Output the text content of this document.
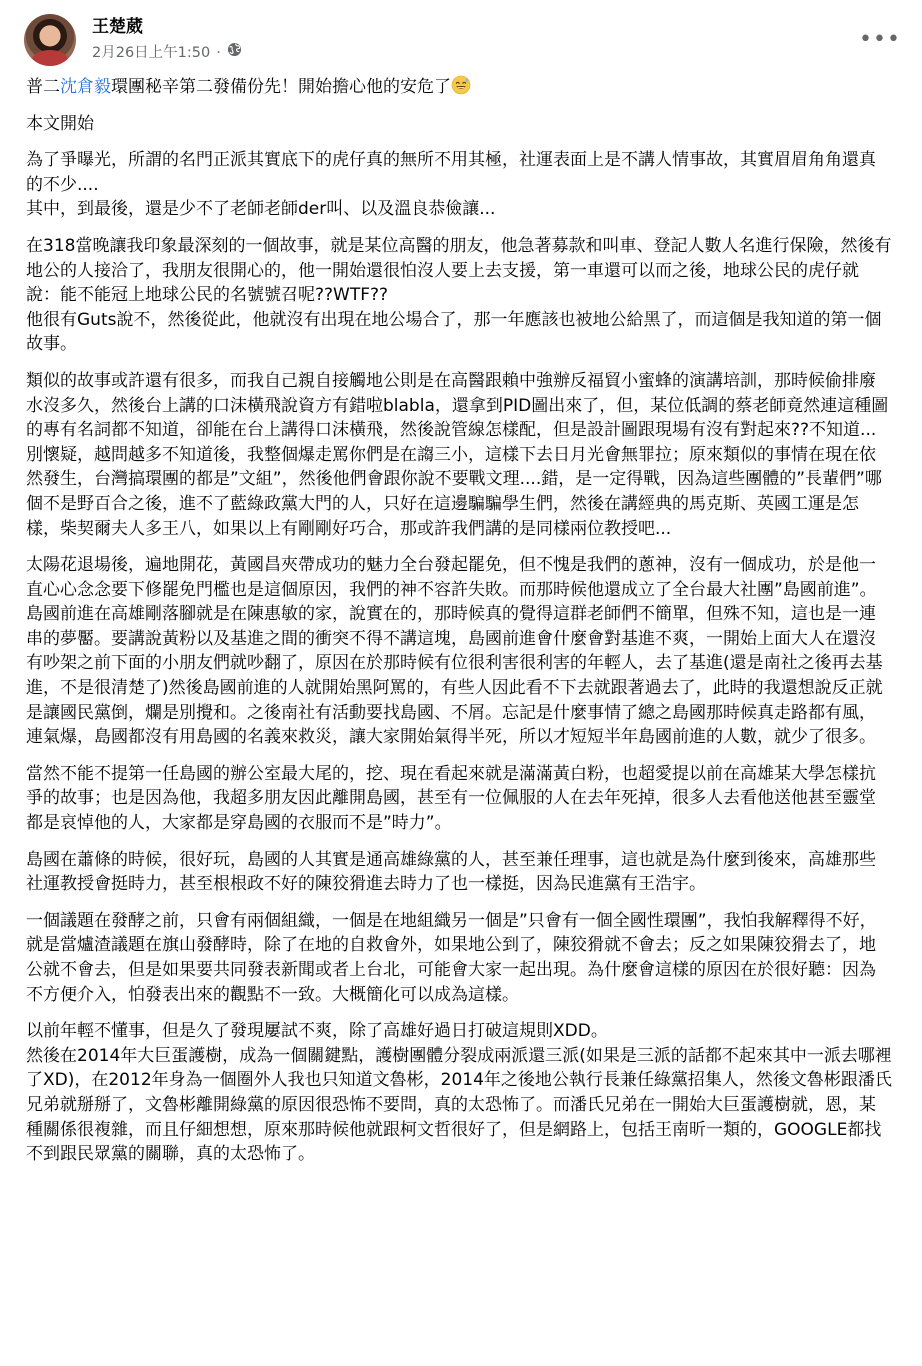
王楚葳
2月26日上午1:50 ·
•••

普二沈倉毅環團秘辛第二發備份先！開始擔心他的安危了

本文開始

為了爭曝光，所謂的名門正派其實底下的虎仔真的無所不用其極，社運表面上是不講人情事故，其實眉眉角角還真的不少....
其中，到最後，還是少不了老師老師der叫、以及溫良恭儉讓...

在318當晚讓我印象最深刻的一個故事，就是某位高醫的朋友，他急著募款和叫車、登記人數人名進行保險，然後有地公的人接洽了，我朋友很開心的，他一開始還很怕沒人要上去支援，第一車還可以而之後，地球公民的虎仔就說：能不能冠上地球公民的名號號召呢??WTF??
他很有Guts說不，然後從此，他就沒有出現在地公場合了，那一年應該也被地公給黑了，而這個是我知道的第一個故事。

類似的故事或許還有很多，而我自己親自接觸地公則是在高醫跟賴中強辦反福貿小蜜蜂的演講培訓，那時候偷排廢水沒多久，然後台上講的口沫橫飛說資方有錯啦blabla，還拿到PID圖出來了，但，某位低調的蔡老師竟然連這種圖的專有名詞都不知道，卻能在台上講得口沫橫飛，然後說管線怎樣配，但是設計圖跟現場有沒有對起來??不知道...別懷疑，越問越多不知道後，我整個爆走罵你們是在謅三小，這樣下去日月光會無罪拉；原來類似的事情在現在依然發生，台灣搞環團的都是”文組”，然後他們會跟你說不要戰文理....錯，是一定得戰，因為這些團體的”長輩們”哪個不是野百合之後，進不了藍綠政黨大門的人，只好在這邊騙騙學生們，然後在講經典的馬克斯、英國工運是怎樣，柴契爾夫人多王八，如果以上有剛剛好巧合，那或許我們講的是同樣兩位教授吧...

太陽花退場後，遍地開花，黃國昌夾帶成功的魅力全台發起罷免，但不愧是我們的蔥神，沒有一個成功，於是他一直心心念念要下修罷免門檻也是這個原因，我們的神不容許失敗。而那時候他還成立了全台最大社團”島國前進”。
島國前進在高雄剛落腳就是在陳惠敏的家，說實在的，那時候真的覺得這群老師們不簡單，但殊不知，這也是一連串的夢靨。要講說黃粉以及基進之間的衝突不得不講這塊，島國前進會什麼會對基進不爽，一開始上面大人在還沒有吵架之前下面的小朋友們就吵翻了，原因在於那時候有位很利害很利害的年輕人，去了基進(還是南社之後再去基進，不是很清楚了)然後島國前進的人就開始黑阿罵的，有些人因此看不下去就跟著過去了，此時的我還想說反正就是讓國民黨倒，爛是別攪和。之後南社有活動要找島國、不屑。忘記是什麼事情了總之島國那時候真走路都有風，連氣爆，島國都沒有用島國的名義來救災，讓大家開始氣得半死，所以才短短半年島國前進的人數，就少了很多。

當然不能不提第一任島國的辦公室最大尾的，挖、現在看起來就是滿滿黃白粉，也超愛提以前在高雄某大學怎樣抗爭的故事；也是因為他，我超多朋友因此離開島國，甚至有一位佩服的人在去年死掉，很多人去看他送他甚至靈堂都是哀悼他的人，大家都是穿島國的衣服而不是”時力”。

島國在蕭條的時候，很好玩，島國的人其實是通高雄綠黨的人，甚至兼任理事，這也就是為什麼到後來，高雄那些社運教授會挺時力，甚至根根政不好的陳狡猾進去時力了也一樣挺，因為民進黨有王浩宇。

一個議題在發酵之前，只會有兩個組織，一個是在地組織另一個是”只會有一個全國性環團”，我怕我解釋得不好，就是當爐渣議題在旗山發酵時，除了在地的自救會外，如果地公到了，陳狡猾就不會去；反之如果陳狡猾去了，地公就不會去，但是如果要共同發表新聞或者上台北，可能會大家一起出現。為什麼會這樣的原因在於很好聽：因為不方便介入，怕發表出來的觀點不一致。大概簡化可以成為這樣。

以前年輕不懂事，但是久了發現屢試不爽，除了高雄好過日打破這規則XDD。
然後在2014年大巨蛋護樹，成為一個關鍵點，護樹團體分裂成兩派還三派(如果是三派的話都不起來其中一派去哪裡了XD)，在2012年身為一個圈外人我也只知道文魯彬，2014年之後地公執行長兼任綠黨招集人，然後文魯彬跟潘氏兄弟就掰掰了，文魯彬離開綠黨的原因很恐怖不要問，真的太恐怖了。而潘氏兄弟在一開始大巨蛋護樹就，恩，某種關係很複雜，而且仔細想想，原來那時候他就跟柯文哲很好了，但是網路上，包括王南昕一類的，GOOGLE都找不到跟民眾黨的關聯，真的太恐怖了。
